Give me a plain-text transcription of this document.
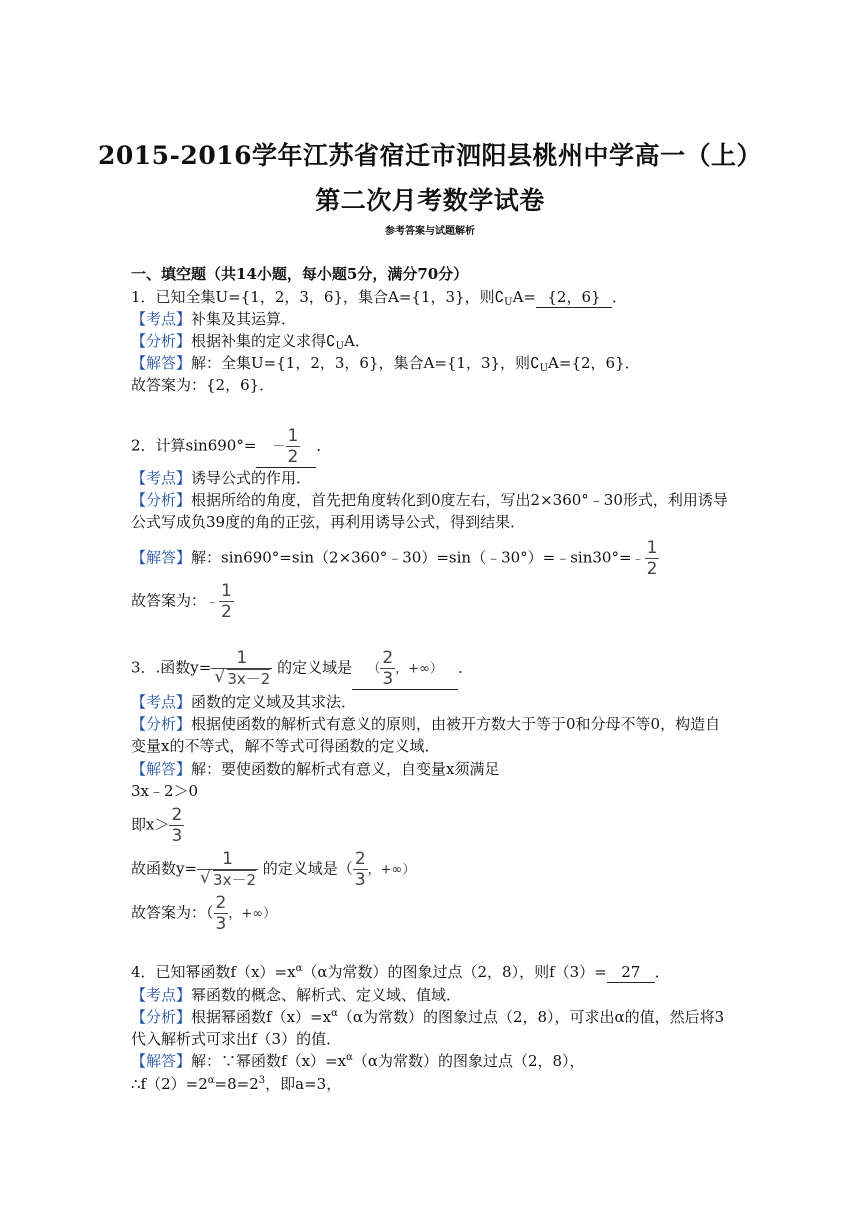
2015-2016学年江苏省宿迁市泗阳县桃州中学高一（上）
第二次月考数学试卷
参考答案与试题解析
一、填空题（共14小题，每小题5分，满分70分）
1．已知全集U={1，2，3，6}，集合A={1，3}，则$∁_UA= \{2$，6} ．
【考点】补集及其运算．
【分析】根据补集的定义求得$∁_UA$．
【解答】解：全集U={1，2，3，6}，集合A={1，3}，则$∁_UA=\{2$，6}．
故答案为：{2，6}．
2．计算$\sin 690^\circ= - \frac{1}{2}$ ．
【考点】诱导公式的作用．
【分析】根据所给的角度，首先把角度转化到0度左右，写出2×360°﹣30形式，利用诱导
公式写成负39度的角的正弦，再利用诱导公式，得到结果．
【解答】解：sin690°=sin（2×360°﹣30）=sin（﹣30°）=﹣sin30°=﹣ $\frac{1}{2}$
故答案为：﹣ $\frac{1}{2}$
3．.函数y= 1
√ 3x－2 的定义域是 （ $\frac{2}{3}$ ，+∞） ．
【考点】函数的定义域及其求法．
【分析】根据使函数的解析式有意义的原则，由被开方数大于等于0和分母不等0，构造自
变量x的不等式，解不等式可得函数的定义域．
【解答】解：要使函数的解析式有意义，自变量x须满足
3x﹣2＞0
即$x> \frac{2}{3}$
故函数y= 1
√ 3x－2 的定义域是（ $\frac{2}{3}$ ，+∞）
故答案为：（ $\frac{2}{3}$ ，+∞）
4．已知幂函数$f(x)=x^\alpha(\alpha$为常数）的图象过点（2，8），则f（3）= 27 ．
【考点】幂函数的概念、解析式、定义域、值域．
【分析】根据幂函数$f(x)=x^\alpha(\alpha$为常数）的图象过点（2，8），可求出α的值，然后将3
代入解析式可求出f（3）的值．
【解答】解：∵幂函数$f(x)=x^\alpha(\alpha$为常数）的图象过点（2，8），
$\therefore f(2)=2^\alpha=8=2^3$，即a=3，
